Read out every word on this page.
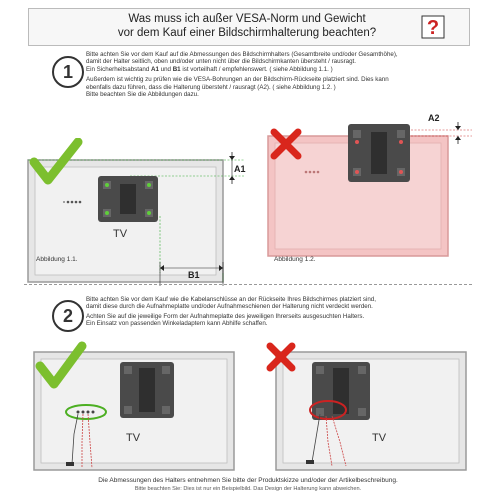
Was muss ich außer VESA-Norm und Gewicht
vor dem Kauf einer Bildschirmhalterung beachten?	?
1
Bitte achten Sie vor dem Kauf auf die Abmessungen des Bildschirmhalters (Gesamtbreite und/oder Gesamthöhe),
damit der Halter seitlich, oben und/oder unten nicht über die Bildschirmkanten übersteht / rausragt.
Ein Sicherheitsabstand A1 und B1 ist vorteilhaft / empfehlenswert. ( siehe Abbildung 1.1. )
Außerdem ist wichtig zu prüfen wie die VESA-Bohrungen an der Bildschirm-Rückseite platziert sind. Dies kann
ebenfalls dazu führen, dass die Halterung übersteht / rausragt (A2). ( siehe Abbildung 1.2. )
Bitte beachten Sie die Abbildungen dazu.
A1
B1
TV
Abbildung 1.1.
A2
Abbildung 1.2.
2
Bitte achten Sie vor dem Kauf wie die Kabelanschlüsse an der Rückseite Ihres Bildschirmes platziert sind,
damit diese durch die Aufnahmeplatte und/oder Aufnahmeschienen der Halterung nicht verdeckt werden.
Achten Sie auf die jeweilige Form der Aufnahmeplatte des jeweiligen Ihrerseits ausgesuchten Halters.
Ein Einsatz von passenden Winkeladaptern kann Abhilfe schaffen.
TV	TV
Die Abmessungen des Halters entnehmen Sie bitte der Produktskizze und/oder der Artikelbeschreibung.
Bitte beachten Sie: Dies ist nur ein Beispielbild. Das Design der Halterung kann abweichen.
